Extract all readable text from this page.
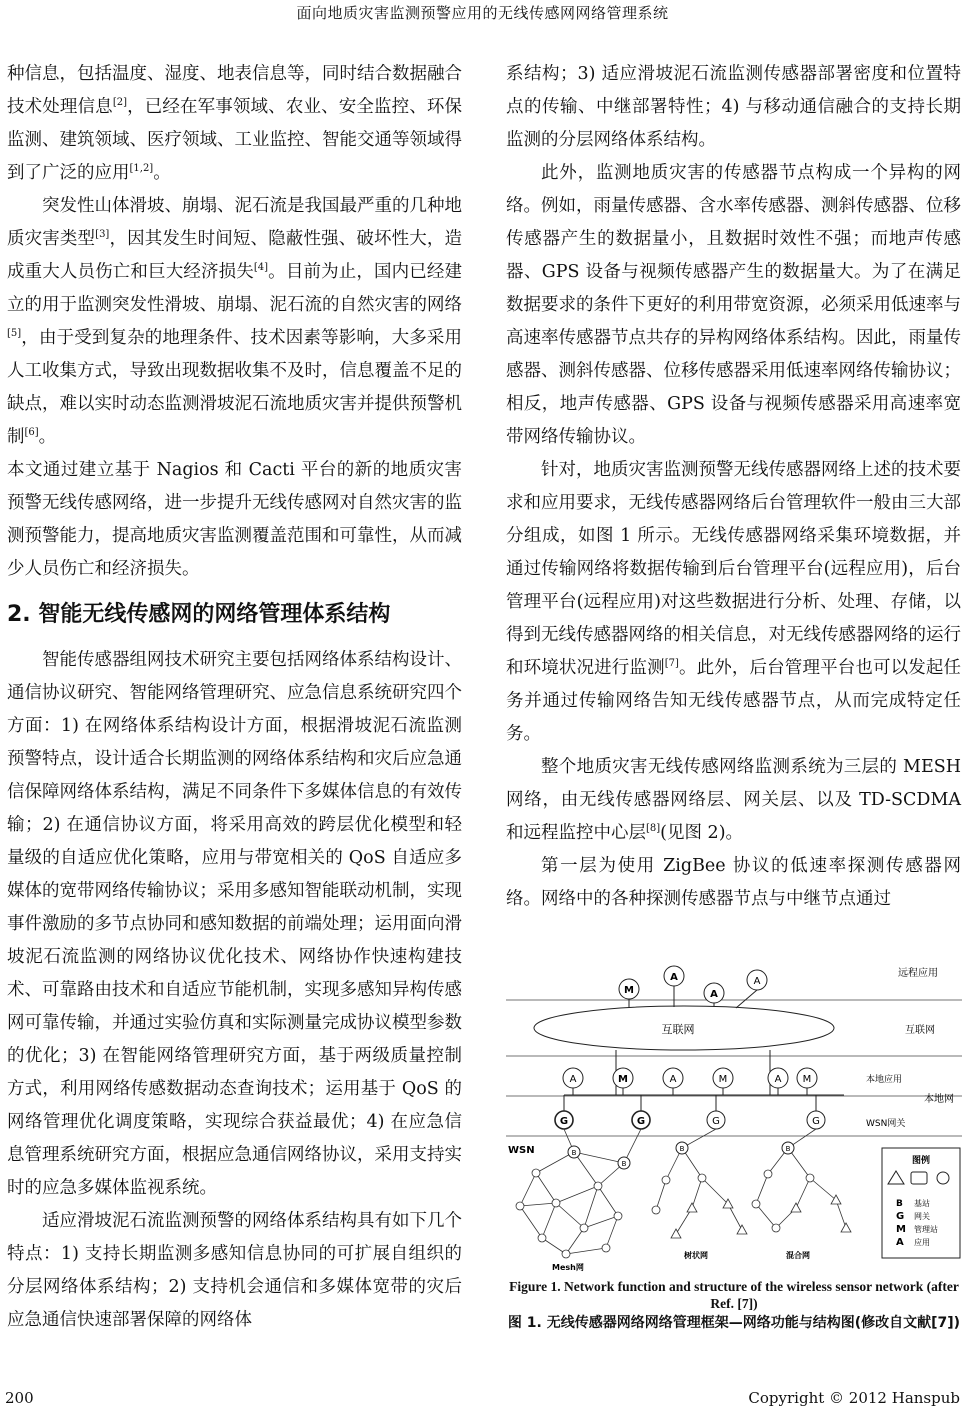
面向地质灾害监测预警应用的无线传感网网络管理系统

种信息，包括温度、湿度、地表信息等，同时结合数据融合技术处理信息[2]，已经在军事领域、农业、安全监控、环保监测、建筑领域、医疗领域、工业监控、智能交通等领域得到了广泛的应用[1,2]。

突发性山体滑坡、崩塌、泥石流是我国最严重的几种地质灾害类型[3]，因其发生时间短、隐蔽性强、破坏性大，造成重大人员伤亡和巨大经济损失[4]。目前为止，国内已经建立的用于监测突发性滑坡、崩塌、泥石流的自然灾害的网络[5]，由于受到复杂的地理条件、技术因素等影响，大多采用人工收集方式，导致出现数据收集不及时，信息覆盖不足的缺点，难以实时动态监测滑坡泥石流地质灾害并提供预警机制[6]。

本文通过建立基于 Nagios 和 Cacti 平台的新的地质灾害预警无线传感网络，进一步提升无线传感网对自然灾害的监测预警能力，提高地质灾害监测覆盖范围和可靠性，从而减少人员伤亡和经济损失。

2. 智能无线传感网的网络管理体系结构

智能传感器组网技术研究主要包括网络体系结构设计、通信协议研究、智能网络管理研究、应急信息系统研究四个方面：1) 在网络体系结构设计方面，根据滑坡泥石流监测预警特点，设计适合长期监测的网络体系结构和灾后应急通信保障网络体系结构，满足不同条件下多媒体信息的有效传输；2) 在通信协议方面，将采用高效的跨层优化模型和轻量级的自适应优化策略，应用与带宽相关的 QoS 自适应多媒体的宽带网络传输协议；采用多感知智能联动机制，实现事件激励的多节点协同和感知数据的前端处理；运用面向滑坡泥石流监测的网络协议优化技术、网络协作快速构建技术、可靠路由技术和自适应节能机制，实现多感知异构传感网可靠传输，并通过实验仿真和实际测量完成协议模型参数的优化；3) 在智能网络管理研究方面，基于两级质量控制方式，利用网络传感数据动态查询技术；运用基于 QoS 的网络管理优化调度策略，实现综合获益最优；4) 在应急信息管理系统研究方面，根据应急通信网络协议，采用支持实时的应急多媒体监视系统。

适应滑坡泥石流监测预警的网络体系结构具有如下几个特点：1) 支持长期监测多感知信息协同的可扩展自组织的分层网络体系结构；2) 支持机会通信和多媒体宽带的灾后应急通信快速部署保障的网络体

系结构；3) 适应滑坡泥石流监测传感器部署密度和位置特点的传输、中继部署特性；4) 与移动通信融合的支持长期监测的分层网络体系结构。

此外，监测地质灾害的传感器节点构成一个异构的网络。例如，雨量传感器、含水率传感器、测斜传感器、位移传感器产生的数据量小，且数据时效性不强；而地声传感器、GPS 设备与视频传感器产生的数据量大。为了在满足数据要求的条件下更好的利用带宽资源，必须采用低速率与高速率传感器节点共存的异构网络体系结构。因此，雨量传感器、测斜传感器、位移传感器采用低速率网络传输协议；相反，地声传感器、GPS 设备与视频传感器采用高速率宽带网络传输协议。

针对，地质灾害监测预警无线传感器网络上述的技术要求和应用要求，无线传感器网络后台管理软件一般由三大部分组成，如图 1 所示。无线传感器网络采集环境数据，并通过传输网络将数据传输到后台管理平台(远程应用)，后台管理平台(远程应用)对这些数据进行分析、处理、存储，以得到无线传感器网络的相关信息，对无线传感器网络的运行和环境状况进行监测[7]。此外，后台管理平台也可以发起任务并通过传输网络告知无线传感器节点，从而完成特定任务。

整个地质灾害无线传感网络监测系统为三层的 MESH 网络，由无线传感器网络层、网关层、以及 TD-SCDMA 和远程监控中心层[8](见图 2)。

第一层为使用 ZigBee 协议的低速率探测传感器网络。网络中的各种探测传感器节点与中继节点通过

互联网
远程应用
互联网
M
A
A
A
本地应用
本地网
WSN网关
A	M	A	M	A M
G	G	G	G
WSN	B
B
B	B
Mesh网
树状网	混合网
图例
B 基站
G 网关
M 管理站
A 应用
Figure 1. Network function and structure of the wireless sensor network (after Ref. [7])
图 1. 无线传感器网络网络管理框架—网络功能与结构图(修改自文献[7])
200	Copyright © 2012 Hanspub
